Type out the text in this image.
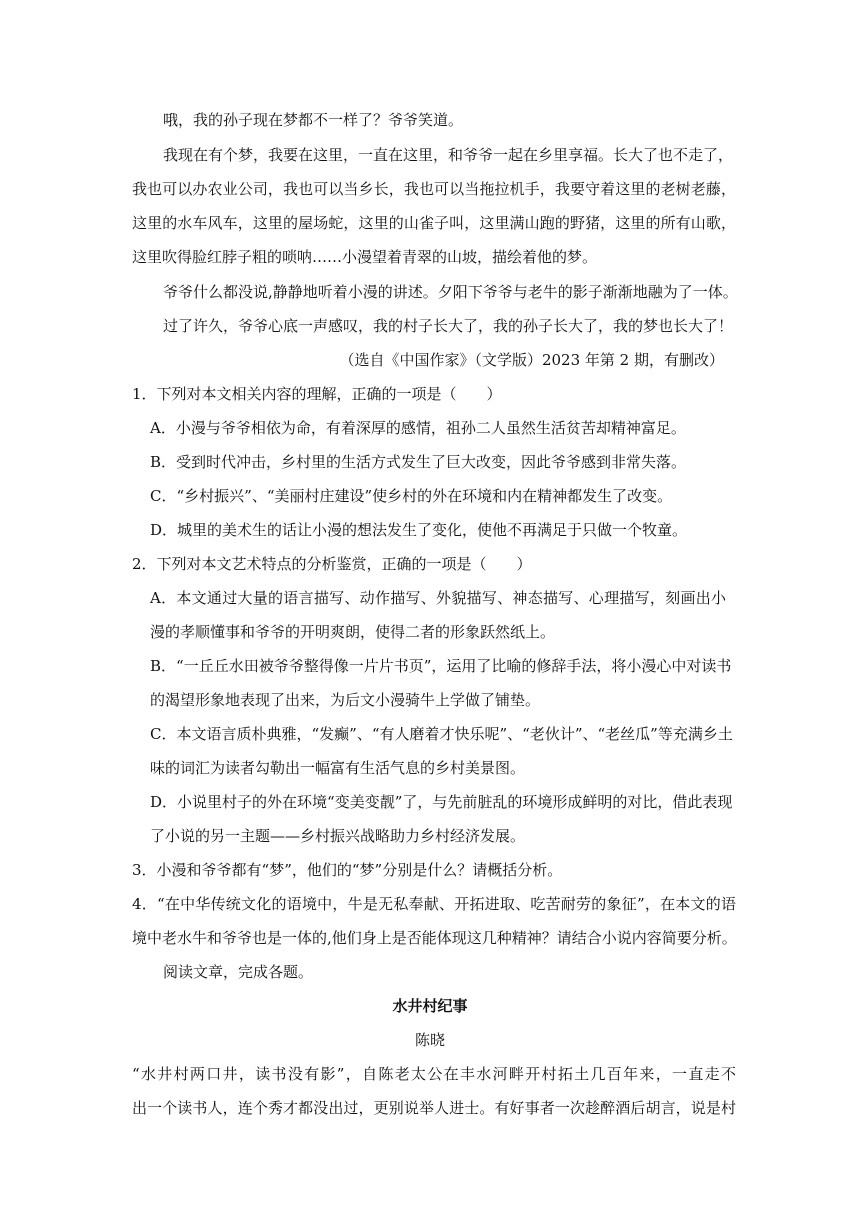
哦，我的孙子现在梦都不一样了？爷爷笑道。
我现在有个梦，我要在这里，一直在这里，和爷爷一起在乡里享福。长大了也不走了，
我也可以办农业公司，我也可以当乡长，我也可以当拖拉机手，我要守着这里的老树老藤，
这里的水车风车，这里的屋场蛇，这里的山雀子叫，这里满山跑的野猪，这里的所有山歌，
这里吹得脸红脖子粗的唢呐……小漫望着青翠的山坡，描绘着他的梦。
爷爷什么都没说,静静地听着小漫的讲述。夕阳下爷爷与老牛的影子渐渐地融为了一体。
过了许久，爷爷心底一声感叹，我的村子长大了，我的孙子长大了，我的梦也长大了！
（选自《中国作家》（文学版）2023 年第 2 期，有删改）
1．下列对本文相关内容的理解，正确的一项是（　　）
A．小漫与爷爷相依为命，有着深厚的感情，祖孙二人虽然生活贫苦却精神富足。
B．受到时代冲击，乡村里的生活方式发生了巨大改变，因此爷爷感到非常失落。
C．“乡村振兴”、“美丽村庄建设”使乡村的外在环境和内在精神都发生了改变。
D．城里的美术生的话让小漫的想法发生了变化，使他不再满足于只做一个牧童。
2．下列对本文艺术特点的分析鉴赏，正确的一项是（　　）
A．本文通过大量的语言描写、动作描写、外貌描写、神态描写、心理描写，刻画出小
漫的孝顺懂事和爷爷的开明爽朗，使得二者的形象跃然纸上。
B．“一丘丘水田被爷爷整得像一片片书页”，运用了比喻的修辞手法，将小漫心中对读书
的渴望形象地表现了出来，为后文小漫骑牛上学做了铺垫。
C．本文语言质朴典雅，“发癫”、“有人磨着才快乐呢”、“老伙计”、“老丝瓜”等充满乡土
味的词汇为读者勾勒出一幅富有生活气息的乡村美景图。
D．小说里村子的外在环境“变美变靓”了，与先前脏乱的环境形成鲜明的对比，借此表现
了小说的另一主题——乡村振兴战略助力乡村经济发展。
3．小漫和爷爷都有“梦”，他们的“梦”分别是什么？请概括分析。
4．“在中华传统文化的语境中，牛是无私奉献、开拓进取、吃苦耐劳的象征”，在本文的语
境中老水牛和爷爷也是一体的,他们身上是否能体现这几种精神？请结合小说内容简要分析。
阅读文章，完成各题。
水井村纪事
陈晓
“水井村两口井，读书没有影”，自陈老太公在丰水河畔开村拓土几百年来，一直走不
出一个读书人，连个秀才都没出过，更别说举人进士。有好事者一次趁醉酒后胡言，说是村
